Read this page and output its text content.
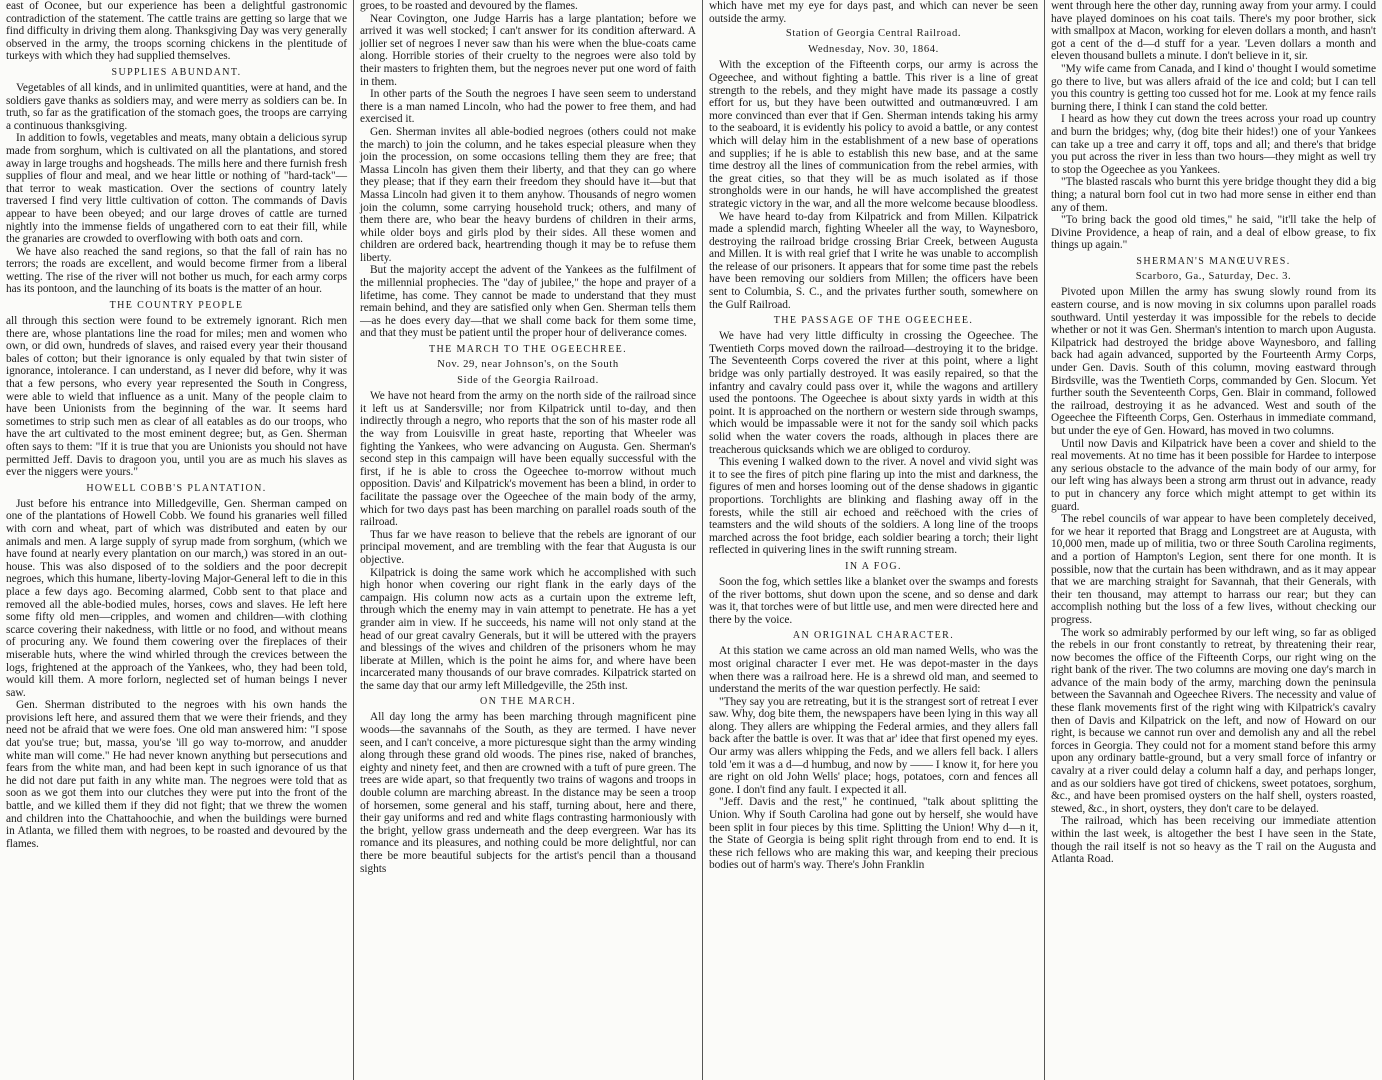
east of Oconee, but our experience has been a delightful gastronomic contradiction of the statement. The cattle trains are getting so large that we find difficulty in driving them along. Thanksgiving Day was very generally observed in the army, the troops scorning chickens in the plentitude of turkeys with which they had supplied themselves.

SUPPLIES ABUNDANT.

Vegetables of all kinds, and in unlimited quantities, were at hand, and the soldiers gave thanks as soldiers may, and were merry as soldiers can be. In truth, so far as the gratification of the stomach goes, the troops are carrying a continuous thanksgiving.

In addition to fowls, vegetables and meats, many obtain a delicious syrup made from sorghum, which is cultivated on all the plantations, and stored away in large troughs and hogsheads. The mills here and there furnish fresh supplies of flour and meal, and we hear little or nothing of "hard-tack"—that terror to weak mastication. Over the sections of country lately traversed I find very little cultivation of cotton. The commands of Davis appear to have been obeyed; and our large droves of cattle are turned nightly into the immense fields of ungathered corn to eat their fill, while the granaries are crowded to overflowing with both oats and corn.

We have also reached the sand regions, so that the fall of rain has no terrors; the roads are excellent, and would become firmer from a liberal wetting. The rise of the river will not bother us much, for each army corps has its pontoon, and the launching of its boats is the matter of an hour.

THE COUNTRY PEOPLE

all through this section were found to be extremely ignorant. Rich men there are, whose plantations line the road for miles; men and women who own, or did own, hundreds of slaves, and raised every year their thousand bales of cotton; but their ignorance is only equaled by that twin sister of ignorance, intolerance. I can understand, as I never did before, why it was that a few persons, who every year represented the South in Congress, were able to wield that influence as a unit. Many of the people claim to have been Unionists from the beginning of the war. It seems hard sometimes to strip such men as clear of all eatables as do our troops, who have the art cultivated to the most eminent degree; but, as Gen. Sherman often says to them: "If it is true that you are Unionists you should not have permitted Jeff. Davis to dragoon you, until you are as much his slaves as ever the niggers were yours."

HOWELL COBB'S PLANTATION.

Just before his entrance into Milledgeville, Gen. Sherman camped on one of the plantations of Howell Cobb. We found his granaries well filled with corn and wheat, part of which was distributed and eaten by our animals and men. A large supply of syrup made from sorghum, (which we have found at nearly every plantation on our march,) was stored in an out-house. This was also disposed of to the soldiers and the poor decrepit negroes, which this humane, liberty-loving Major-General left to die in this place a few days ago. Becoming alarmed, Cobb sent to that place and removed all the able-bodied mules, horses, cows and slaves. He left here some fifty old men—cripples, and women and children—with clothing scarce covering their nakedness, with little or no food, and without means of procuring any. We found them cowering over the fireplaces of their miserable huts, where the wind whirled through the crevices between the logs, frightened at the approach of the Yankees, who, they had been told, would kill them. A more forlorn, neglected set of human beings I never saw.

Gen. Sherman distributed to the negroes with his own hands the provisions left here, and assured them that we were their friends, and they need not be afraid that we were foes. One old man answered him: "I spose dat you'se true; but, massa, you'se 'ill go way to-morrow, and anudder white man will come." He had never known anything but persecutions and fears from the white man, and had been kept in such ignorance of us that he did not dare put faith in any white man. The negroes were told that as soon as we got them into our clutches they were put into the front of the battle, and we killed them if they did not fight; that we threw the women and children into the Chattahoochie, and when the buildings were burned in Atlanta, we filled them with negroes, to be roasted and devoured by the flames.

groes, to be roasted and devoured by the flames.

Near Covington, one Judge Harris has a large plantation; before we arrived it was well stocked; I can't answer for its condition afterward. A jollier set of negroes I never saw than his were when the blue-coats came along. Horrible stories of their cruelty to the negroes were also told by their masters to frighten them, but the negroes never put one word of faith in them.

In other parts of the South the negroes I have seen seem to understand there is a man named Lincoln, who had the power to free them, and had exercised it.

Gen. Sherman invites all able-bodied negroes (others could not make the march) to join the column, and he takes especial pleasure when they join the procession, on some occasions telling them they are free; that Massa Lincoln has given them their liberty, and that they can go where they please; that if they earn their freedom they should have it—but that Massa Lincoln had given it to them anyhow. Thousands of negro women join the column, some carrying household truck; others, and many of them there are, who bear the heavy burdens of children in their arms, while older boys and girls plod by their sides. All these women and children are ordered back, heartrending though it may be to refuse them liberty.

But the majority accept the advent of the Yankees as the fulfilment of the millennial prophecies. The "day of jubilee," the hope and prayer of a lifetime, has come. They cannot be made to understand that they must remain behind, and they are satisfied only when Gen. Sherman tells them—as he does every day—that we shall come back for them some time, and that they must be patient until the proper hour of deliverance comes.

THE MARCH TO THE OGEECHREE.
Nov. 29, near Johnson's, on the South
Side of the Georgia Railroad.

We have not heard from the army on the north side of the railroad since it left us at Sandersville; nor from Kilpatrick until to-day, and then indirectly through a negro, who reports that the son of his master rode all the way from Louisville in great haste, reporting that Wheeler was fighting the Yankees, who were advancing on Augusta. Gen. Sherman's second step in this campaign will have been equally successful with the first, if he is able to cross the Ogeechee to-morrow without much opposition. Davis' and Kilpatrick's movement has been a blind, in order to facilitate the passage over the Ogeechee of the main body of the army, which for two days past has been marching on parallel roads south of the railroad.

Thus far we have reason to believe that the rebels are ignorant of our principal movement, and are trembling with the fear that Augusta is our objective.

Kilpatrick is doing the same work which he accomplished with such high honor when covering our right flank in the early days of the campaign. His column now acts as a curtain upon the extreme left, through which the enemy may in vain attempt to penetrate. He has a yet grander aim in view. If he succeeds, his name will not only stand at the head of our great cavalry Generals, but it will be uttered with the prayers and blessings of the wives and children of the prisoners whom he may liberate at Millen, which is the point he aims for, and where have been incarcerated many thousands of our brave comrades. Kilpatrick started on the same day that our army left Milledgeville, the 25th inst.

ON THE MARCH.

All day long the army has been marching through magnificent pine woods—the savannahs of the South, as they are termed. I have never seen, and I can't conceive, a more picturesque sight than the army winding along through these grand old woods. The pines rise, naked of branches, eighty and ninety feet, and then are crowned with a tuft of pure green. The trees are wide apart, so that frequently two trains of wagons and troops in double column are marching abreast. In the distance may be seen a troop of horsemen, some general and his staff, turning about, here and there, their gay uniforms and red and white flags contrasting harmoniously with the bright, yellow grass underneath and the deep evergreen. War has its romance and its pleasures, and nothing could be more delightful, nor can there be more beautiful subjects for the artist's pencil than a thousand sights

which have met my eye for days past, and which can never be seen outside the army.

Station of Georgia Central Railroad.
Wednesday, Nov. 30, 1864.

With the exception of the Fifteenth corps, our army is across the Ogeechee, and without fighting a battle. This river is a line of great strength to the rebels, and they might have made its passage a costly effort for us, but they have been outwitted and outmanœuvred. I am more convinced than ever that if Gen. Sherman intends taking his army to the seaboard, it is evidently his policy to avoid a battle, or any contest which will delay him in the establishment of a new base of operations and supplies; if he is able to establish this new base, and at the same time destroy all the lines of communication from the rebel armies, with the great cities, so that they will be as much isolated as if those strongholds were in our hands, he will have accomplished the greatest strategic victory in the war, and all the more welcome because bloodless.

We have heard to-day from Kilpatrick and from Millen. Kilpatrick made a splendid march, fighting Wheeler all the way, to Waynesboro, destroying the railroad bridge crossing Briar Creek, between Augusta and Millen. It is with real grief that I write he was unable to accomplish the release of our prisoners. It appears that for some time past the rebels have been removing our soldiers from Millen; the officers have been sent to Columbia, S. C., and the privates further south, somewhere on the Gulf Railroad.

THE PASSAGE OF THE OGEECHEE.

We have had very little difficulty in crossing the Ogeechee. The Twentieth Corps moved down the railroad—destroying it to the bridge. The Seventeenth Corps covered the river at this point, where a light bridge was only partially destroyed. It was easily repaired, so that the infantry and cavalry could pass over it, while the wagons and artillery used the pontoons. The Ogeechee is about sixty yards in width at this point. It is approached on the northern or western side through swamps, which would be impassable were it not for the sandy soil which packs solid when the water covers the roads, although in places there are treacherous quicksands which we are obliged to corduroy.

This evening I walked down to the river. A novel and vivid sight was it to see the fires of pitch pine flaring up into the mist and darkness, the figures of men and horses looming out of the dense shadows in gigantic proportions. Torchlights are blinking and flashing away off in the forests, while the still air echoed and reëchoed with the cries of teamsters and the wild shouts of the soldiers. A long line of the troops marched across the foot bridge, each soldier bearing a torch; their light reflected in quivering lines in the swift running stream.

IN A FOG.

Soon the fog, which settles like a blanket over the swamps and forests of the river bottoms, shut down upon the scene, and so dense and dark was it, that torches were of but little use, and men were directed here and there by the voice.

AN ORIGINAL CHARACTER.

At this station we came across an old man named Wells, who was the most original character I ever met. He was depot-master in the days when there was a railroad here. He is a shrewd old man, and seemed to understand the merits of the war question perfectly. He said:

"They say you are retreating, but it is the strangest sort of retreat I ever saw. Why, dog bite them, the newspapers have been lying in this way all along. They allers are whipping the Federal armies, and they allers fall back after the battle is over. It was that ar' idee that first opened my eyes. Our army was allers whipping the Feds, and we allers fell back. I allers told 'em it was a d—d humbug, and now by —— I know it, for here you are right on old John Wells' place; hogs, potatoes, corn and fences all gone. I don't find any fault. I expected it all.

"Jeff. Davis and the rest," he continued, "talk about splitting the Union. Why if South Carolina had gone out by herself, she would have been split in four pieces by this time. Splitting the Union! Why d—n it, the State of Georgia is being split right through from end to end. It is these rich fellows who are making this war, and keeping their precious bodies out of harm's way. There's John Franklin

went through here the other day, running away from your army. I could have played dominoes on his coat tails. There's my poor brother, sick with smallpox at Macon, working for eleven dollars a month, and hasn't got a cent of the d—d stuff for a year. 'Leven dollars a month and eleven thousand bullets a minute. I don't believe in it, sir.

"My wife came from Canada, and I kind o' thought I would sometime go there to live, but was allers afraid of the ice and cold; but I can tell you this country is getting too cussed hot for me. Look at my fence rails burning there, I think I can stand the cold better.

I heard as how they cut down the trees across your road up country and burn the bridges; why, (dog bite their hides!) one of your Yankees can take up a tree and carry it off, tops and all; and there's that bridge you put across the river in less than two hours—they might as well try to stop the Ogeechee as you Yankees.

"The blasted rascals who burnt this yere bridge thought they did a big thing; a natural born fool cut in two had more sense in either end than any of them.

"To bring back the good old times," he said, "it'll take the help of Divine Providence, a heap of rain, and a deal of elbow grease, to fix things up again."

SHERMAN'S MANŒUVRES.
Scarboro, Ga., Saturday, Dec. 3.

Pivoted upon Millen the army has swung slowly round from its eastern course, and is now moving in six columns upon parallel roads southward. Until yesterday it was impossible for the rebels to decide whether or not it was Gen. Sherman's intention to march upon Augusta. Kilpatrick had destroyed the bridge above Waynesboro, and falling back had again advanced, supported by the Fourteenth Army Corps, under Gen. Davis. South of this column, moving eastward through Birdsville, was the Twentieth Corps, commanded by Gen. Slocum. Yet further south the Seventeenth Corps, Gen. Blair in command, followed the railroad, destroying it as he advanced. West and south of the Ogeechee the Fifteenth Corps, Gen. Osterhaus in immediate command, but under the eye of Gen. Howard, has moved in two columns.

Until now Davis and Kilpatrick have been a cover and shield to the real movements. At no time has it been possible for Hardee to interpose any serious obstacle to the advance of the main body of our army, for our left wing has always been a strong arm thrust out in advance, ready to put in chancery any force which might attempt to get within its guard.

The rebel councils of war appear to have been completely deceived, for we hear it reported that Bragg and Longstreet are at Augusta, with 10,000 men, made up of militia, two or three South Carolina regiments, and a portion of Hampton's Legion, sent there for one month. It is possible, now that the curtain has been withdrawn, and as it may appear that we are marching straight for Savannah, that their Generals, with their ten thousand, may attempt to harrass our rear; but they can accomplish nothing but the loss of a few lives, without checking our progress.

The work so admirably performed by our left wing, so far as obliged the rebels in our front constantly to retreat, by threatening their rear, now becomes the office of the Fifteenth Corps, our right wing on the right bank of the river. The two columns are moving one day's march in advance of the main body of the army, marching down the peninsula between the Savannah and Ogeechee Rivers. The necessity and value of these flank movements first of the right wing with Kilpatrick's cavalry then of Davis and Kilpatrick on the left, and now of Howard on our right, is because we cannot run over and demolish any and all the rebel forces in Georgia. They could not for a moment stand before this army upon any ordinary battle-ground, but a very small force of infantry or cavalry at a river could delay a column half a day, and perhaps longer, and as our soldiers have got tired of chickens, sweet potatoes, sorghum, &c., and have been promised oysters on the half shell, oysters roasted, stewed, &c., in short, oysters, they don't care to be delayed.

The railroad, which has been receiving our immediate attention within the last week, is altogether the best I have seen in the State, though the rail itself is not so heavy as the T rail on the Augusta and Atlanta Road.
